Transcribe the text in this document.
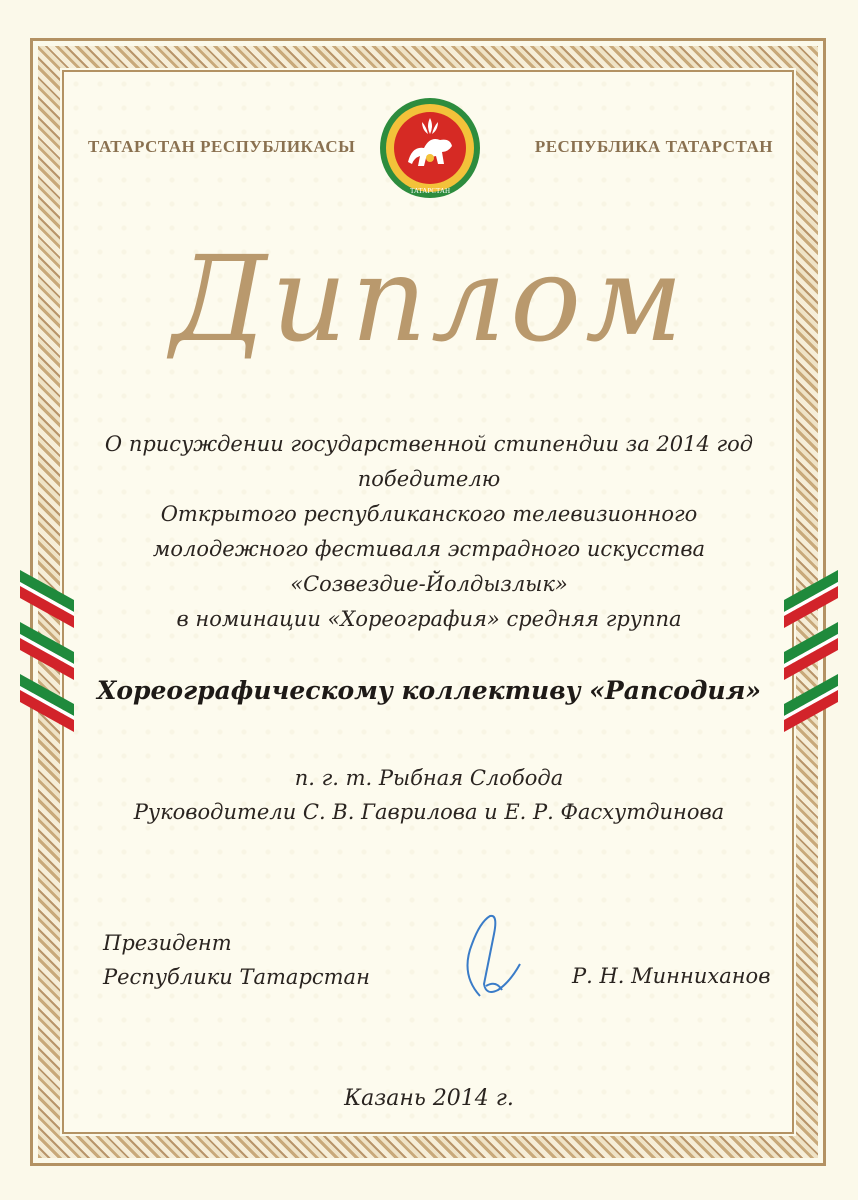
ТАТАРСТАН РЕСПУБЛИКАСЫ	РЕСПУБЛИКА ТАТАРСТАН
ТАТАРСТАН
Диплом
О присуждении государственной стипендии за 2014 год
победителю
Открытого республиканского телевизионного
молодежного фестиваля эстрадного искусства
«Созвездие-Йолдызлык»
в номинации «Хореография» средняя группа
Хореографическому коллективу «Рапсодия»
п. г. т. Рыбная Слобода
Руководители С. В. Гаврилова и Е. Р. Фасхутдинова
Президент
Республики Татарстан	Р. Н. Минниханов
Казань 2014 г.
